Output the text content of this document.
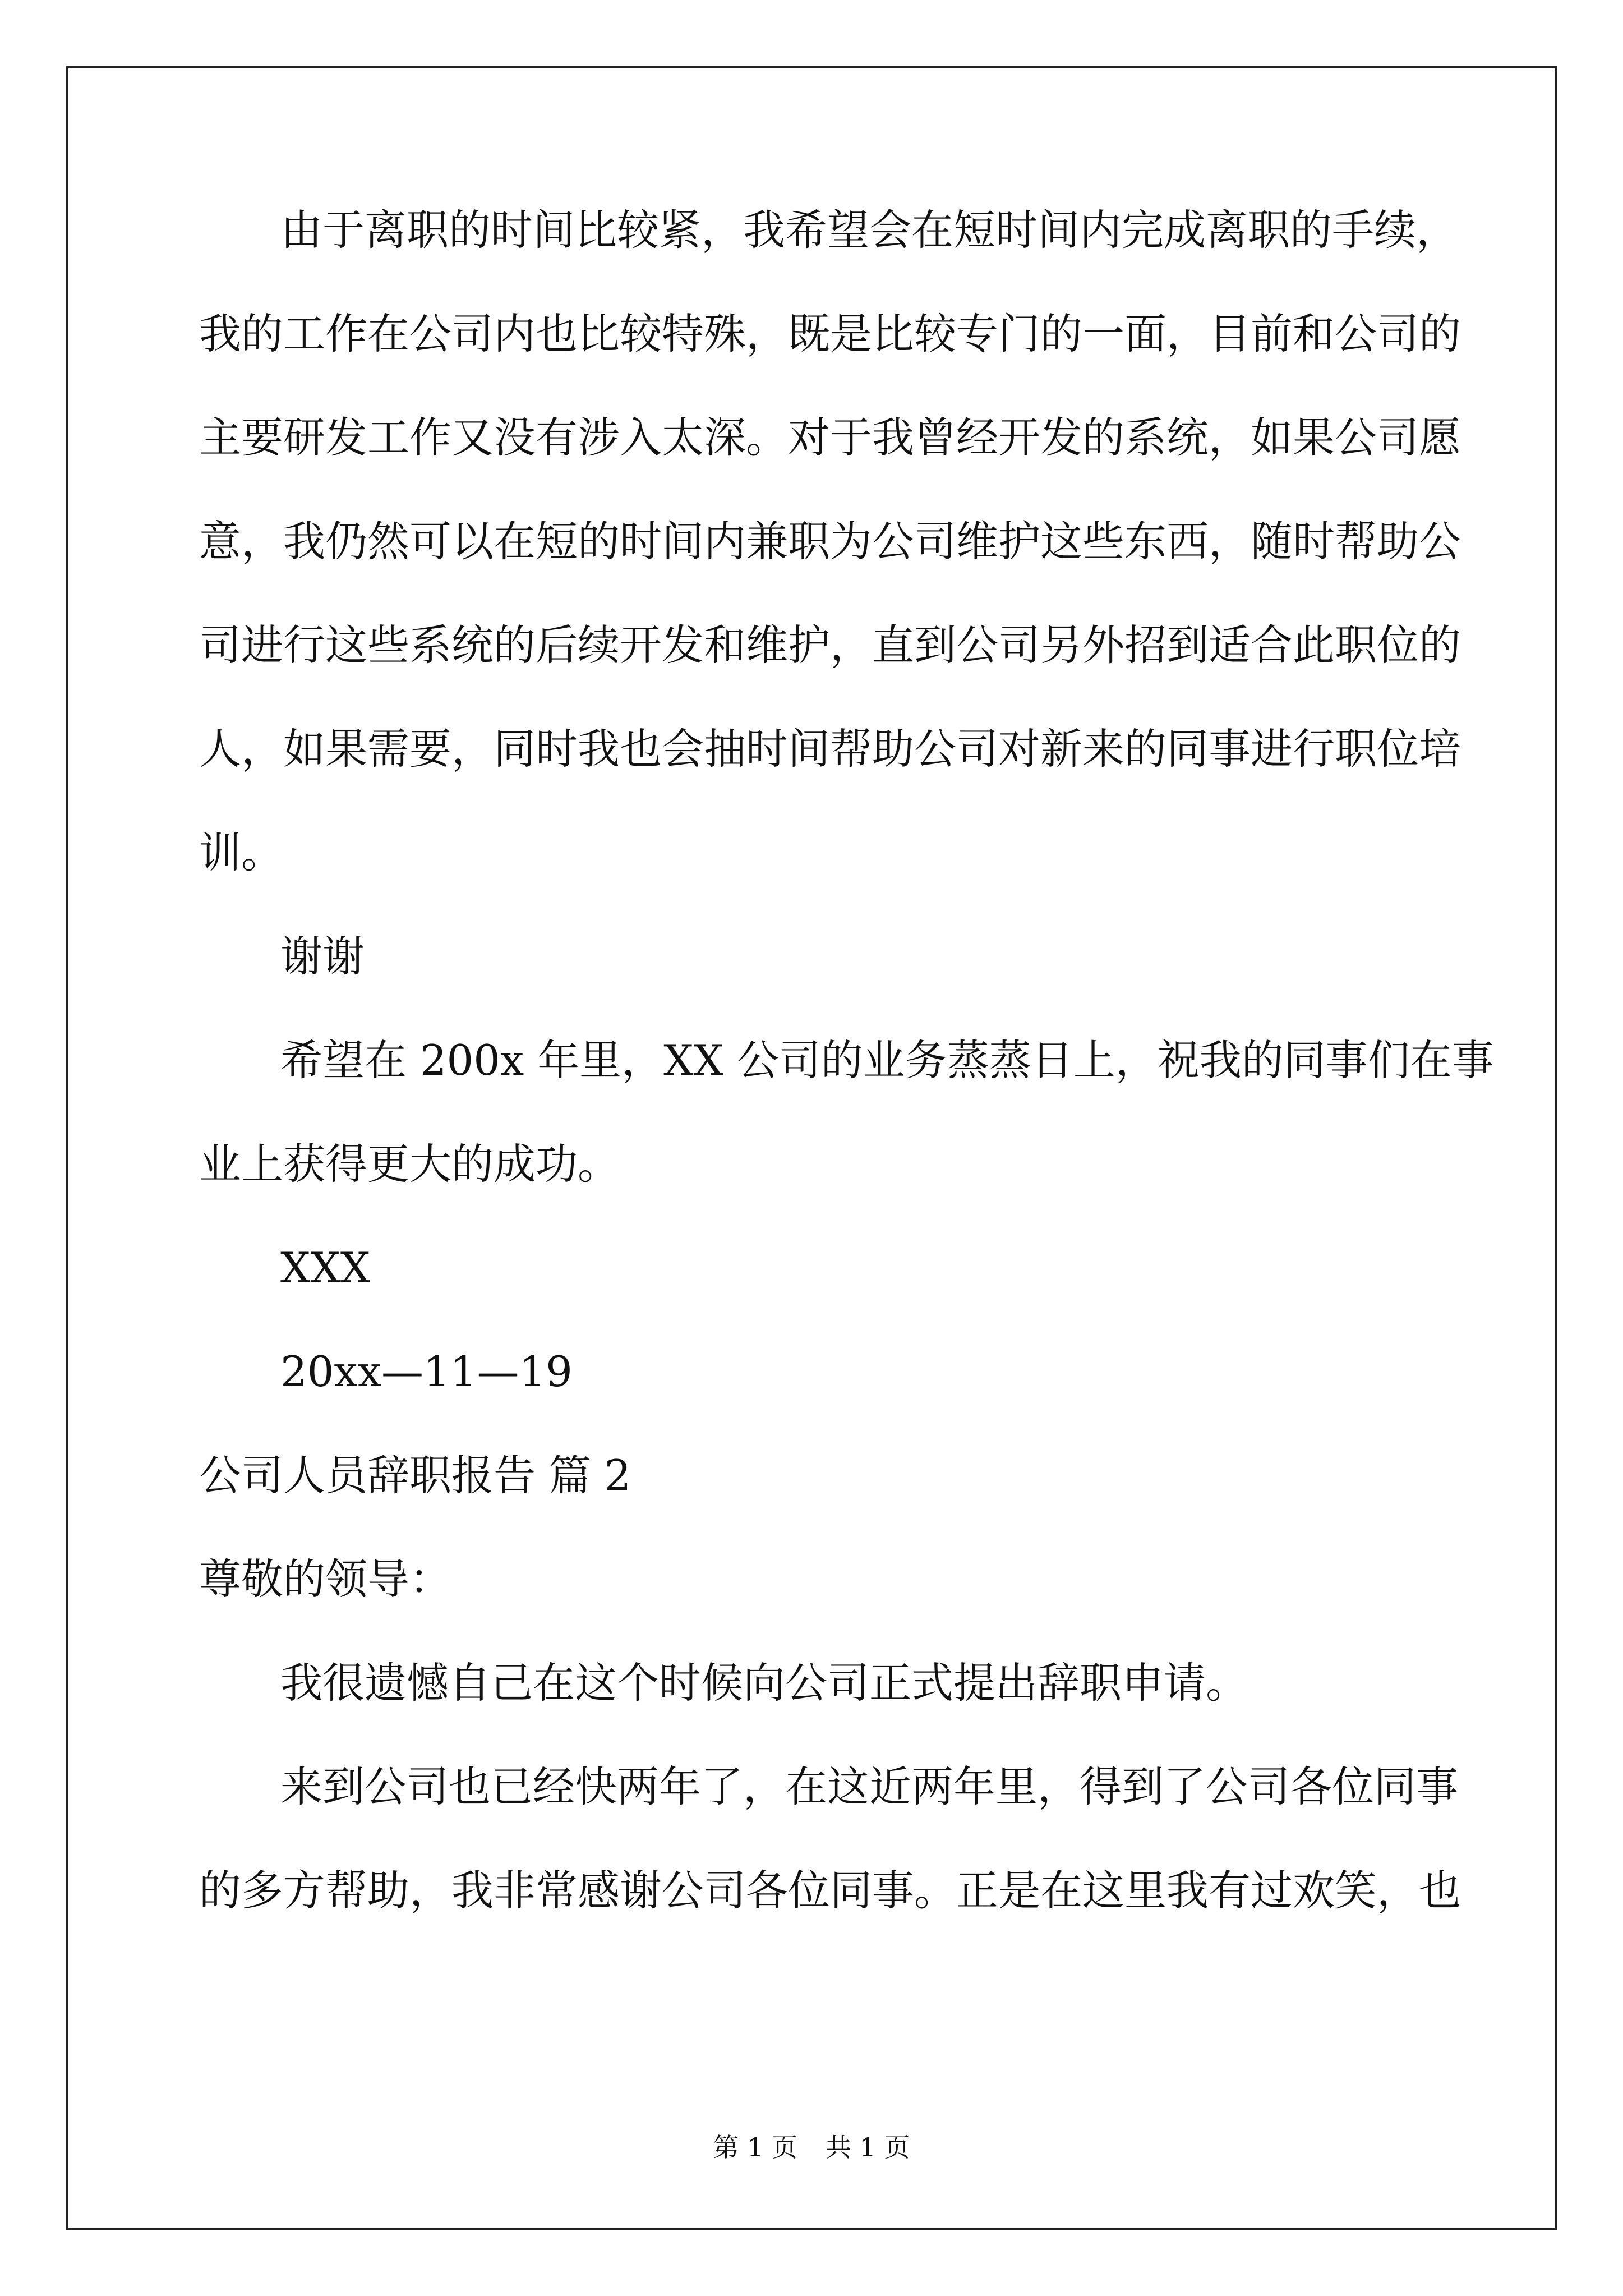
由于离职的时间比较紧，我希望会在短时间内完成离职的手续，
我的工作在公司内也比较特殊，既是比较专门的一面，目前和公司的
主要研发工作又没有涉入太深。对于我曾经开发的系统，如果公司愿
意，我仍然可以在短的时间内兼职为公司维护这些东西，随时帮助公
司进行这些系统的后续开发和维护，直到公司另外招到适合此职位的
人，如果需要，同时我也会抽时间帮助公司对新来的同事进行职位培
训。
谢谢
希望在 200x 年里，XX 公司的业务蒸蒸日上，祝我的同事们在事
业上获得更大的成功。
XXX
20xx—11—19
公司人员辞职报告 篇 2
尊敬的领导：
我很遗憾自己在这个时候向公司正式提出辞职申请。
来到公司也已经快两年了，在这近两年里，得到了公司各位同事
的多方帮助，我非常感谢公司各位同事。正是在这里我有过欢笑，也
第 1 页 共 1 页
